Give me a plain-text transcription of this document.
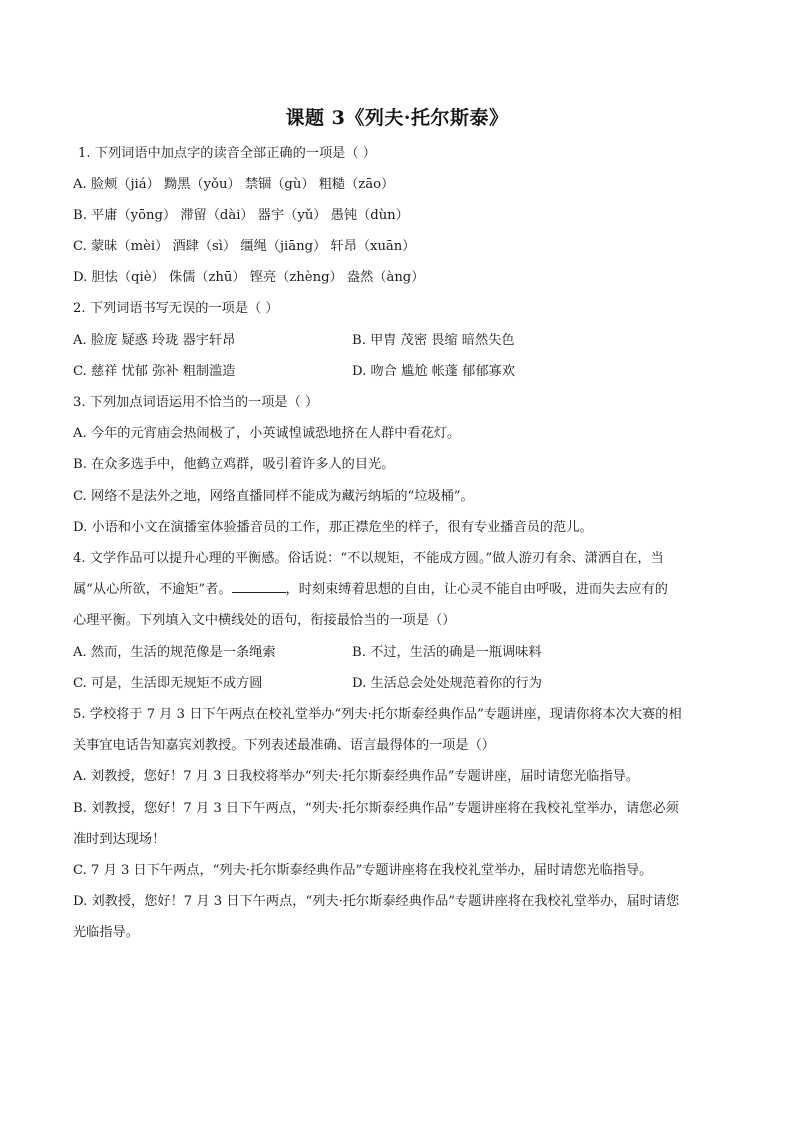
课题 3《列夫·托尔斯泰》
1. 下列词语中加点字的读音全部正确的一项是（ ）
A. 脸颊（jiá） 黝黑（yǒu） 禁锢（gù） 粗糙（zāo）
B. 平庸（yōng） 滞留（dài） 器宇（yǔ） 愚钝（dùn）
C. 蒙昧（mèi） 酒肆（sì） 缰绳（jiāng） 轩昂（xuān）
D. 胆怯（qiè） 侏儒（zhū） 铿亮（zhèng） 盎然（àng）
2. 下列词语书写无误的一项是（ ）
A. 脸庞 疑惑 玲珑 器宇轩昂	B. 甲胄 茂密 畏缩 暗然失色
C. 慈祥 忧郁 弥补 粗制滥造	D. 吻合 尴尬 帐蓬 郁郁寡欢
3. 下列加点词语运用不恰当的一项是（ ）
A. 今年的元宵庙会热闹极了，小英诚惶诚恐地挤在人群中看花灯。
B. 在众多选手中，他鹤立鸡群，吸引着许多人的目光。
C. 网络不是法外之地，网络直播同样不能成为藏污纳垢的“垃圾桶”。
D. 小语和小文在演播室体验播音员的工作，那正襟危坐的样子，很有专业播音员的范儿。
4. 文学作品可以提升心理的平衡感。俗话说：“不以规矩，不能成方圆。”做人游刃有余、潇洒自在，当
属“从心所欲，不逾矩”者。	，时刻束缚着思想的自由，让心灵不能自由呼吸，进而失去应有的
心理平衡。下列填入文中横线处的语句，衔接最恰当的一项是（）
A. 然而，生活的规范像是一条绳索	B. 不过，生活的确是一瓶调味料
C. 可是，生活即无规矩不成方圆	D. 生活总会处处规范着你的行为
5. 学校将于 7 月 3 日下午两点在校礼堂举办“列夫·托尔斯泰经典作品”专题讲座，现请你将本次大赛的相
关事宜电话告知嘉宾刘教授。下列表述最准确、语言最得体的一项是（）
A. 刘教授，您好！7 月 3 日我校将举办“列夫·托尔斯泰经典作品”专题讲座，届时请您光临指导。
B. 刘教授，您好！7 月 3 日下午两点，“列夫·托尔斯泰经典作品”专题讲座将在我校礼堂举办，请您必须
准时到达现场！
C. 7 月 3 日下午两点，“列夫·托尔斯泰经典作品”专题讲座将在我校礼堂举办，届时请您光临指导。
D. 刘教授，您好！7 月 3 日下午两点，“列夫·托尔斯泰经典作品”专题讲座将在我校礼堂举办，届时请您
光临指导。
